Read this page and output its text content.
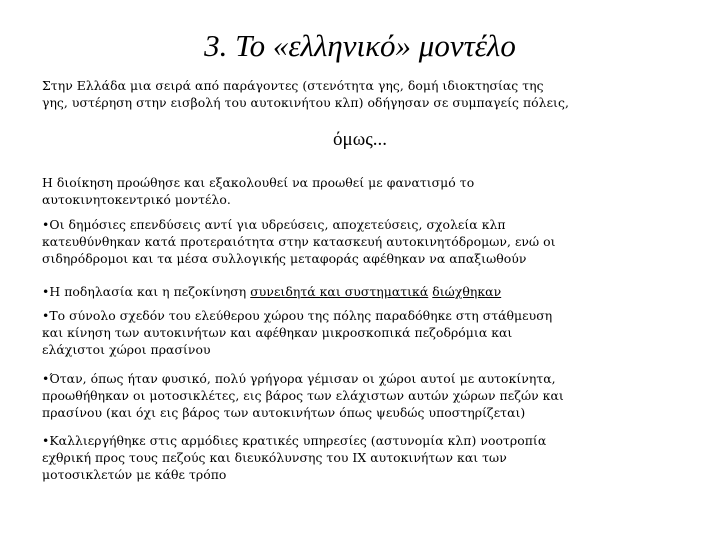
3. Το «ελληνικό» μοντέλο
Στην Ελλάδα μια σειρά από παράγοντες (στενότητα γης, δομή ιδιοκτησίας της
γης, υστέρηση στην εισβολή του αυτοκινήτου κλπ) οδήγησαν σε συμπαγείς πόλεις,
όμως...
Η διοίκηση προώθησε και εξακολουθεί να προωθεί με φανατισμό το
αυτοκινητοκεντρικό μοντέλο.
•Οι δημόσιες επενδύσεις αντί για υδρεύσεις, αποχετεύσεις, σχολεία κλπ
κατευθύνθηκαν κατά προτεραιότητα στην κατασκευή αυτοκινητόδρομων, ενώ οι
σιδηρόδρομοι και τα μέσα συλλογικής μεταφοράς αφέθηκαν να απαξιωθούν
•Η ποδηλασία και η πεζοκίνηση συνειδητά και συστηματικά διώχθηκαν
•Το σύνολο σχεδόν του ελεύθερου χώρου της πόλης παραδόθηκε στη στάθμευση
και κίνηση των αυτοκινήτων και αφέθηκαν μικροσκοπικά πεζοδρόμια και
ελάχιστοι χώροι πρασίνου
•Όταν, όπως ήταν φυσικό, πολύ γρήγορα γέμισαν οι χώροι αυτοί με αυτοκίνητα,
προωθήθηκαν οι μοτοσικλέτες, εις βάρος των ελάχιστων αυτών χώρων πεζών και
πρασίνου (και όχι εις βάρος των αυτοκινήτων όπως ψευδώς υποστηρίζεται)
•Καλλιεργήθηκε στις αρμόδιες κρατικές υπηρεσίες (αστυνομία κλπ) νοοτροπία
εχθρική προς τους πεζούς και διευκόλυνσης του ΙΧ αυτοκινήτων και των
μοτοσικλετών με κάθε τρόπο
